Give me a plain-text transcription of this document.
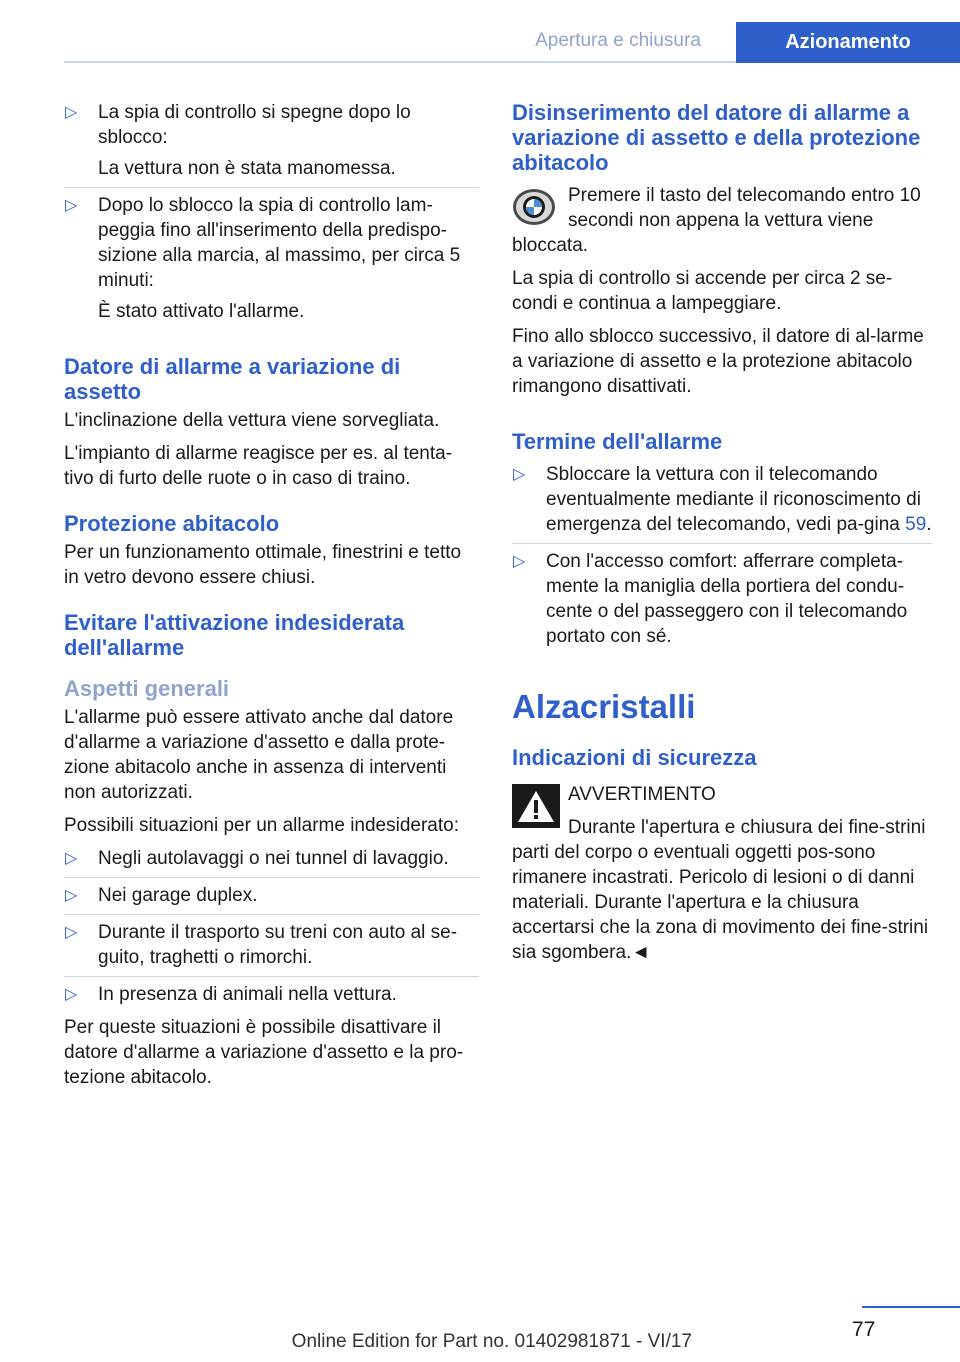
Apertura e chiusura	Azionamento
▷ La spia di controllo si spegne dopo lo sblocco:
La vettura non è stata manomessa.
▷ Dopo lo sblocco la spia di controllo lam-peggia fino all'inserimento della predispo-sizione alla marcia, al massimo, per circa 5 minuti:
È stato attivato l'allarme.
Datore di allarme a variazione di assetto

L'inclinazione della vettura viene sorvegliata.

L'impianto di allarme reagisce per es. al tenta-tivo di furto delle ruote o in caso di traino.

Protezione abitacolo

Per un funzionamento ottimale, finestrini e tetto in vetro devono essere chiusi.

Evitare l'attivazione indesiderata dell'allarme
Aspetti generali

L'allarme può essere attivato anche dal datore d'allarme a variazione d'assetto e dalla prote-zione abitacolo anche in assenza di interventi non autorizzati.

Possibili situazioni per un allarme indesiderato:

▷ Negli autolavaggi o nei tunnel di lavaggio.
▷ Nei garage duplex.
▷ Durante il trasporto su treni con auto al se-guito, traghetti o rimorchi.
▷ In presenza di animali nella vettura.

Per queste situazioni è possibile disattivare il datore d'allarme a variazione d'assetto e la pro-tezione abitacolo.

Disinserimento del datore di allarme a variazione di assetto e della protezione abitacolo

Premere il tasto del telecomando entro 10 secondi non appena la vettura viene bloccata.

La spia di controllo si accende per circa 2 se-condi e continua a lampeggiare.

Fino allo sblocco successivo, il datore di al-larme a variazione di assetto e la protezione abitacolo rimangono disattivati.

Termine dell'allarme
▷ Sbloccare la vettura con il telecomando eventualmente mediante il riconoscimento di emergenza del telecomando, vedi pa-gina 59.
▷ Con l'accesso comfort: afferrare completa-mente la maniglia della portiera del condu-cente o del passeggero con il telecomando portato con sé.
Alzacristalli
Indicazioni di sicurezza

AVVERTIMENTO

Durante l'apertura e chiusura dei fine-strini parti del corpo o eventuali oggetti pos-sono rimanere incastrati. Pericolo di lesioni o di danni materiali. Durante l'apertura e la chiusura accertarsi che la zona di movimento dei fine-strini sia sgombera.◄

77
Online Edition for Part no. 01402981871 - VI/17
